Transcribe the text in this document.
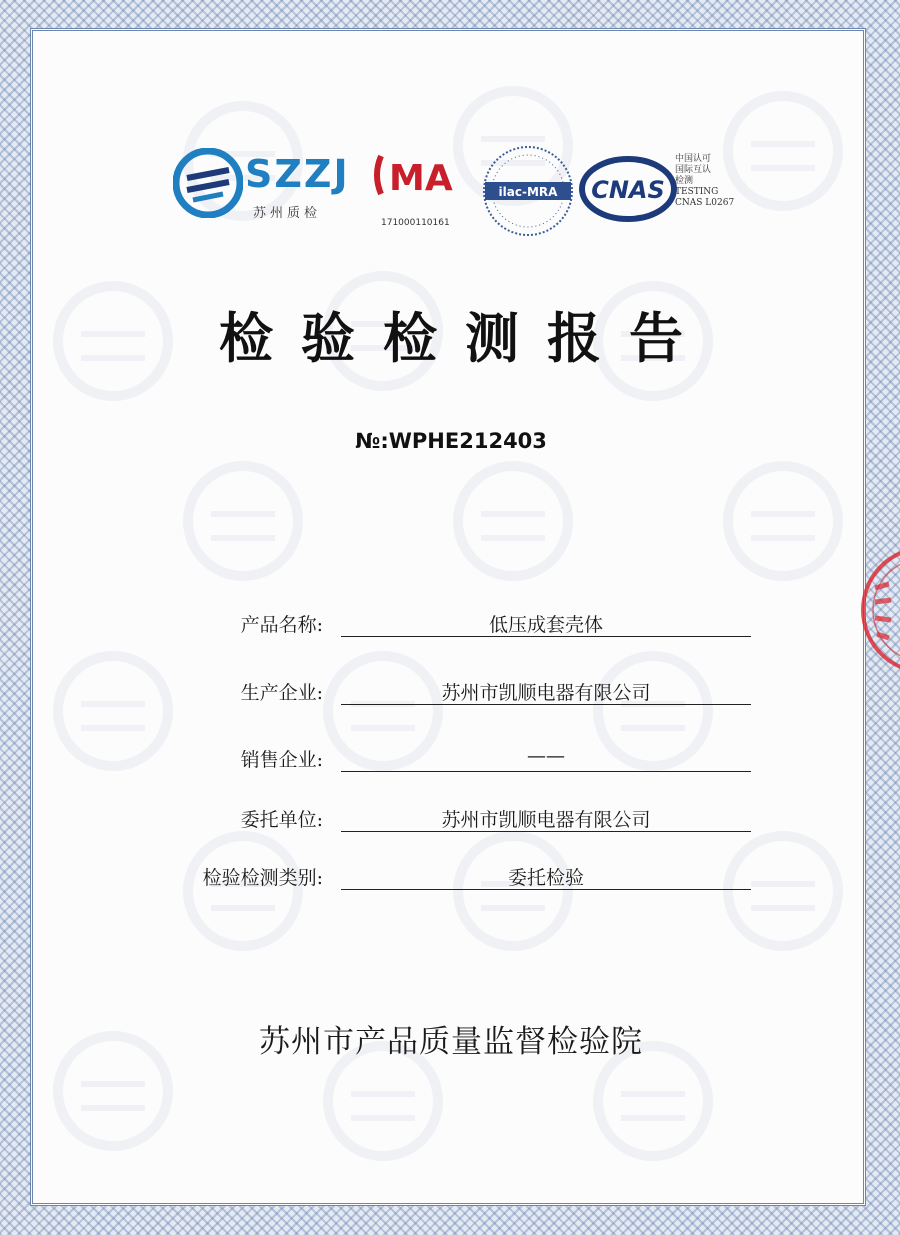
SZZJ
苏州质检
MA
171000110161
ilac-MRA CNAS
中国认可
国际互认
检测
TESTING
CNAS L0267
检验检测报告
№:WPHE212403
产品名称:	低压成套壳体
生产企业:	苏州市凯顺电器有限公司
销售企业:	——
委托单位:	苏州市凯顺电器有限公司
检验检测类别:	委托检验
苏州市产品质量监督检验院
